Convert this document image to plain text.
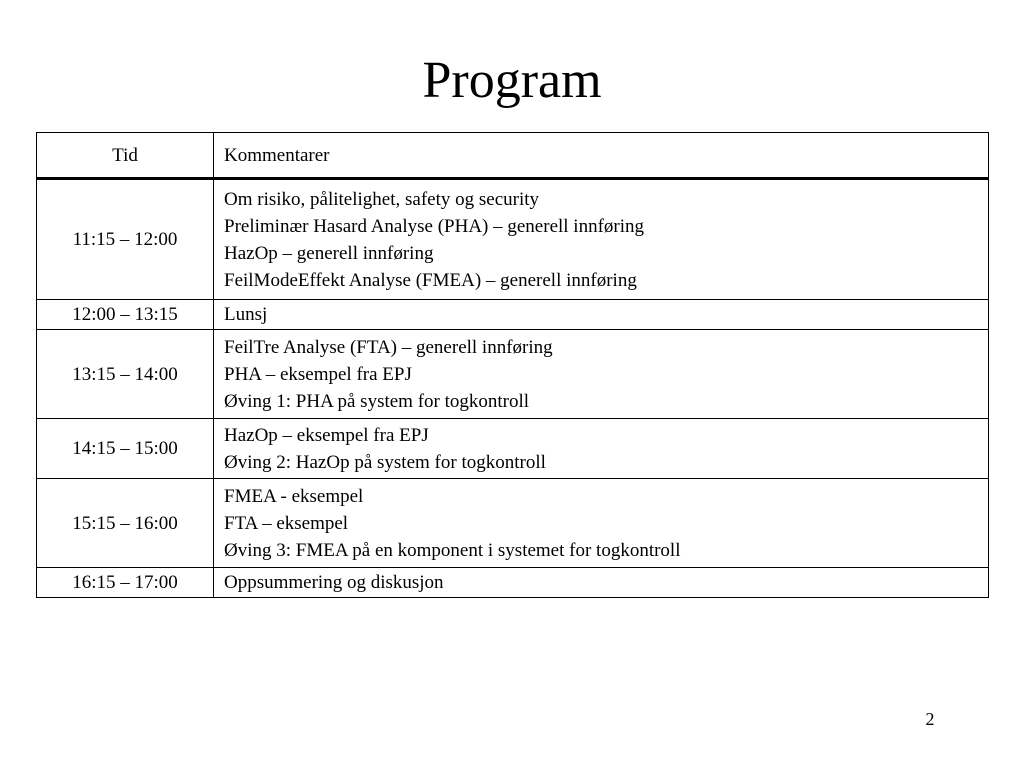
Program
Tid	Kommentarer
11:15 – 12:00	Om risiko, pålitelighet, safety og security
Preliminær Hasard Analyse (PHA) – generell innføring
HazOp – generell innføring
FeilModeEffekt Analyse (FMEA) – generell innføring

12:00 – 13:15	Lunsj

13:15 – 14:00	FeilTre Analyse (FTA) – generell innføring
PHA – eksempel fra EPJ
Øving 1: PHA på system for togkontroll

14:15 – 15:00	HazOp – eksempel fra EPJ
Øving 2: HazOp på system for togkontroll

15:15 – 16:00	FMEA - eksempel
FTA – eksempel
Øving 3: FMEA på en komponent i systemet for togkontroll

16:15 – 17:00	Oppsummering og diskusjon
2
